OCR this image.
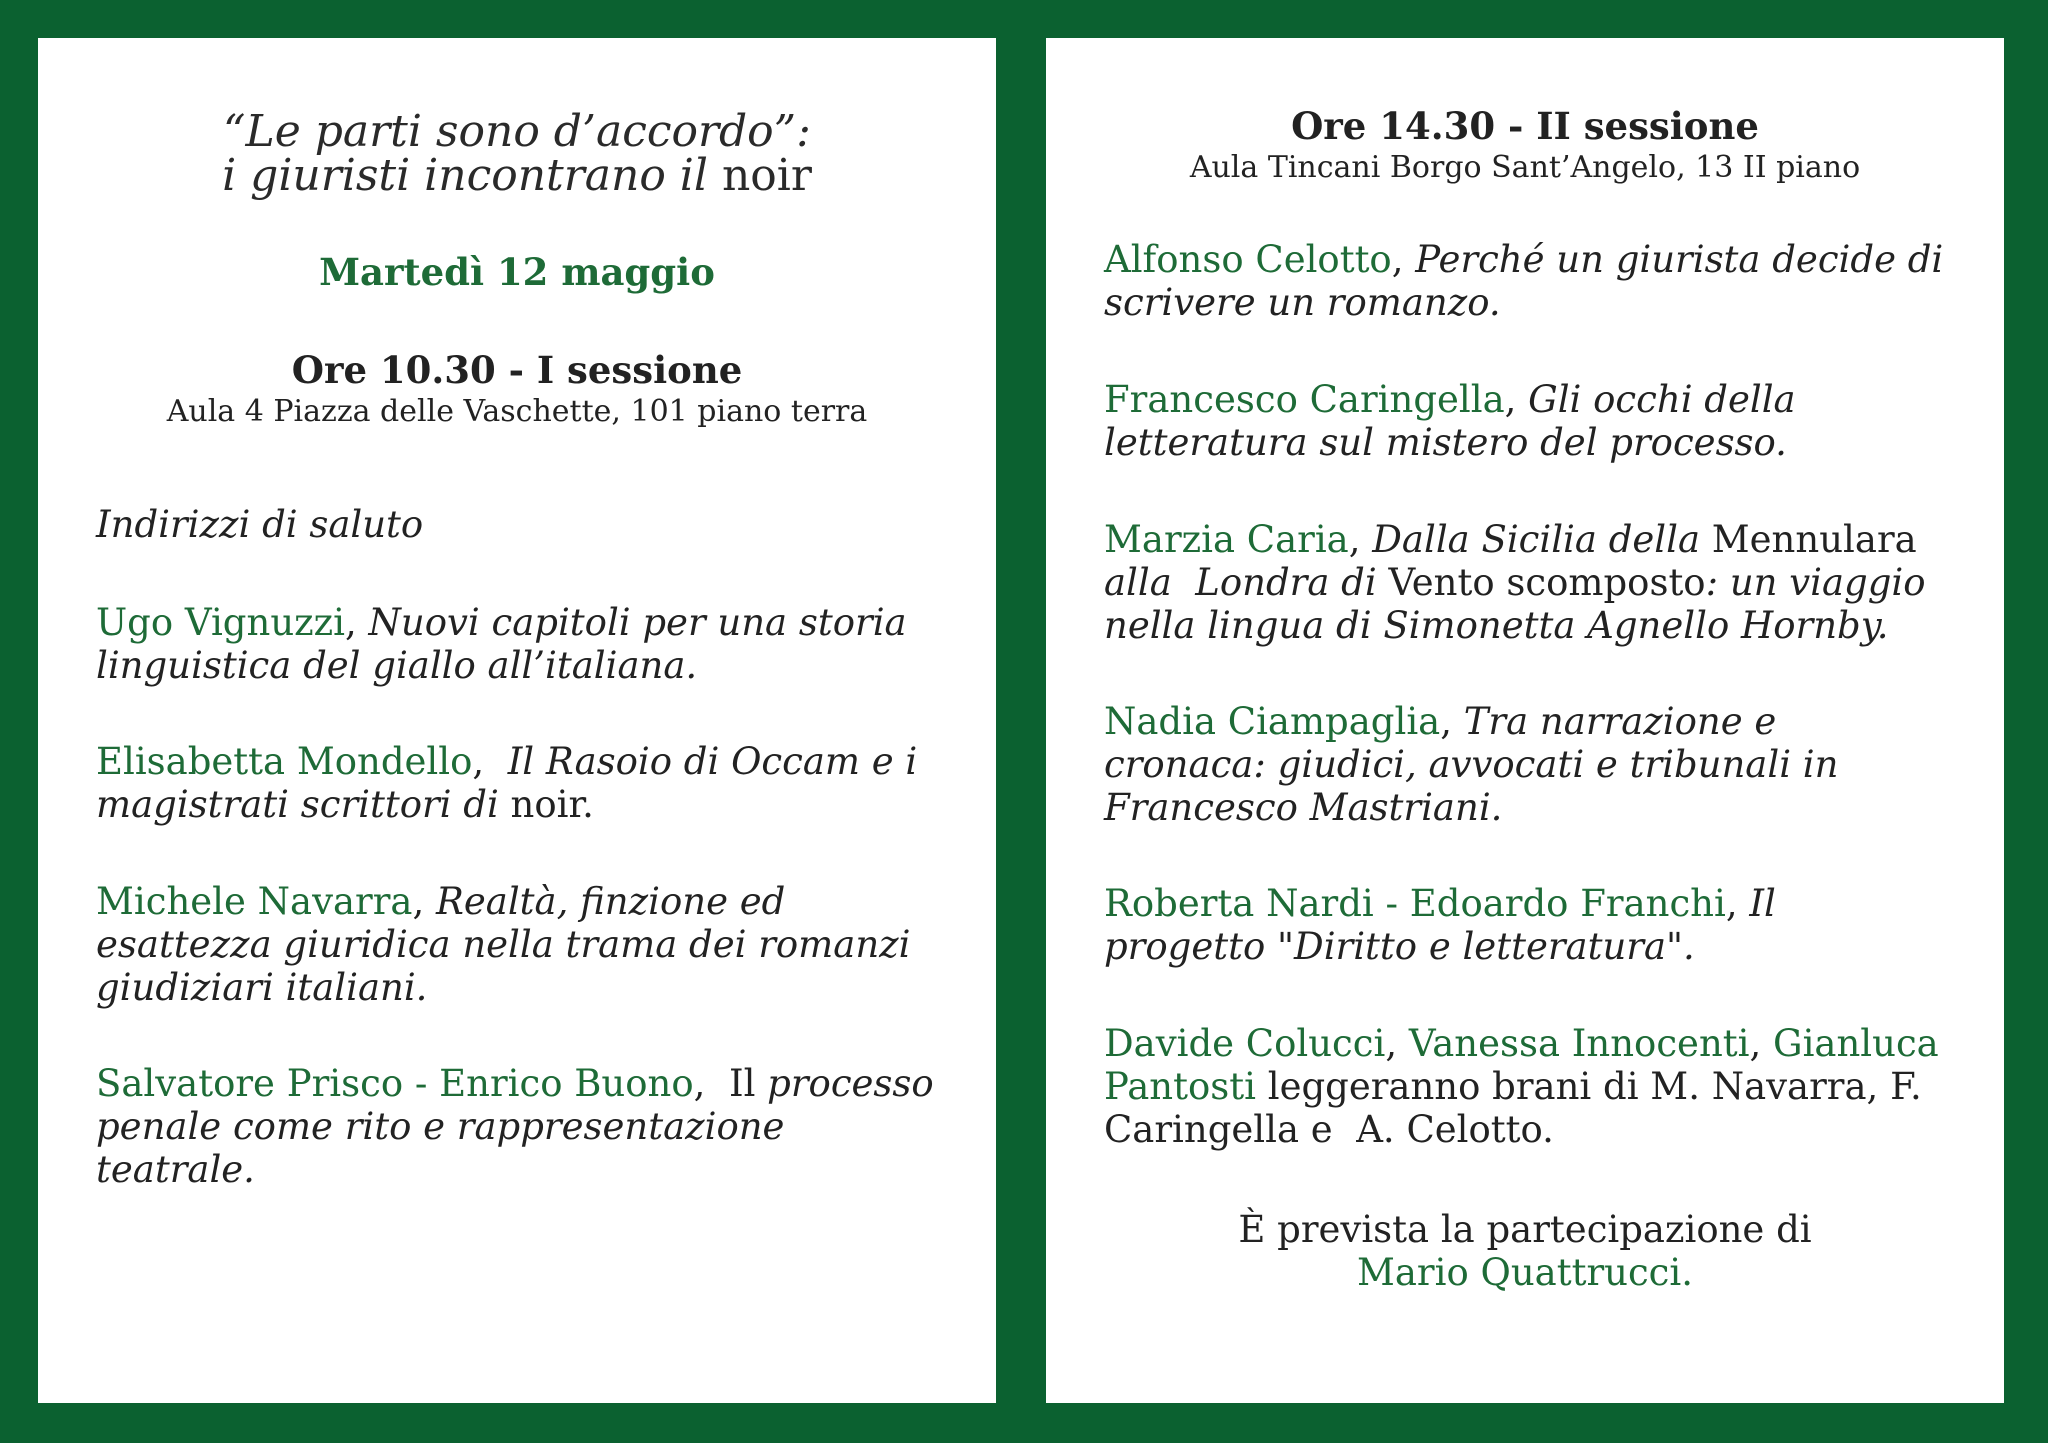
“Le parti sono d’accordo”:
i giuristi incontrano il noir
Martedì 12 maggio
Ore 10.30 - I sessione
Aula 4 Piazza delle Vaschette, 101 piano terra
Indirizzi di saluto
Ugo Vignuzzi, Nuovi capitoli per una storia linguistica del giallo all’italiana.
Elisabetta Mondello,  Il Rasoio di Occam e i magistrati scrittori di noir.
Michele Navarra, Realtà, finzione ed esattezza giuridica nella trama dei romanzi giudiziari italiani.
Salvatore Prisco - Enrico Buono,  Il processo penale come rito e rappresentazione teatrale.
Ore 14.30 - II sessione
Aula Tincani Borgo Sant’Angelo, 13 II piano
Alfonso Celotto, Perché un giurista decide di scrivere un romanzo.
Francesco Caringella, Gli occhi della letteratura sul mistero del processo.
Marzia Caria, Dalla Sicilia della Mennulara alla  Londra di Vento scomposto: un viaggio nella lingua di Simonetta Agnello Hornby.
Nadia Ciampaglia, Tra narrazione e cronaca: giudici, avvocati e tribunali in Francesco Mastriani.
Roberta Nardi - Edoardo Franchi, Il progetto "Diritto e letteratura".
Davide Colucci, Vanessa Innocenti, Gianluca Pantosti leggeranno brani di M. Navarra, F. Caringella e  A. Celotto.
È prevista la partecipazione di
Mario Quattrucci.
